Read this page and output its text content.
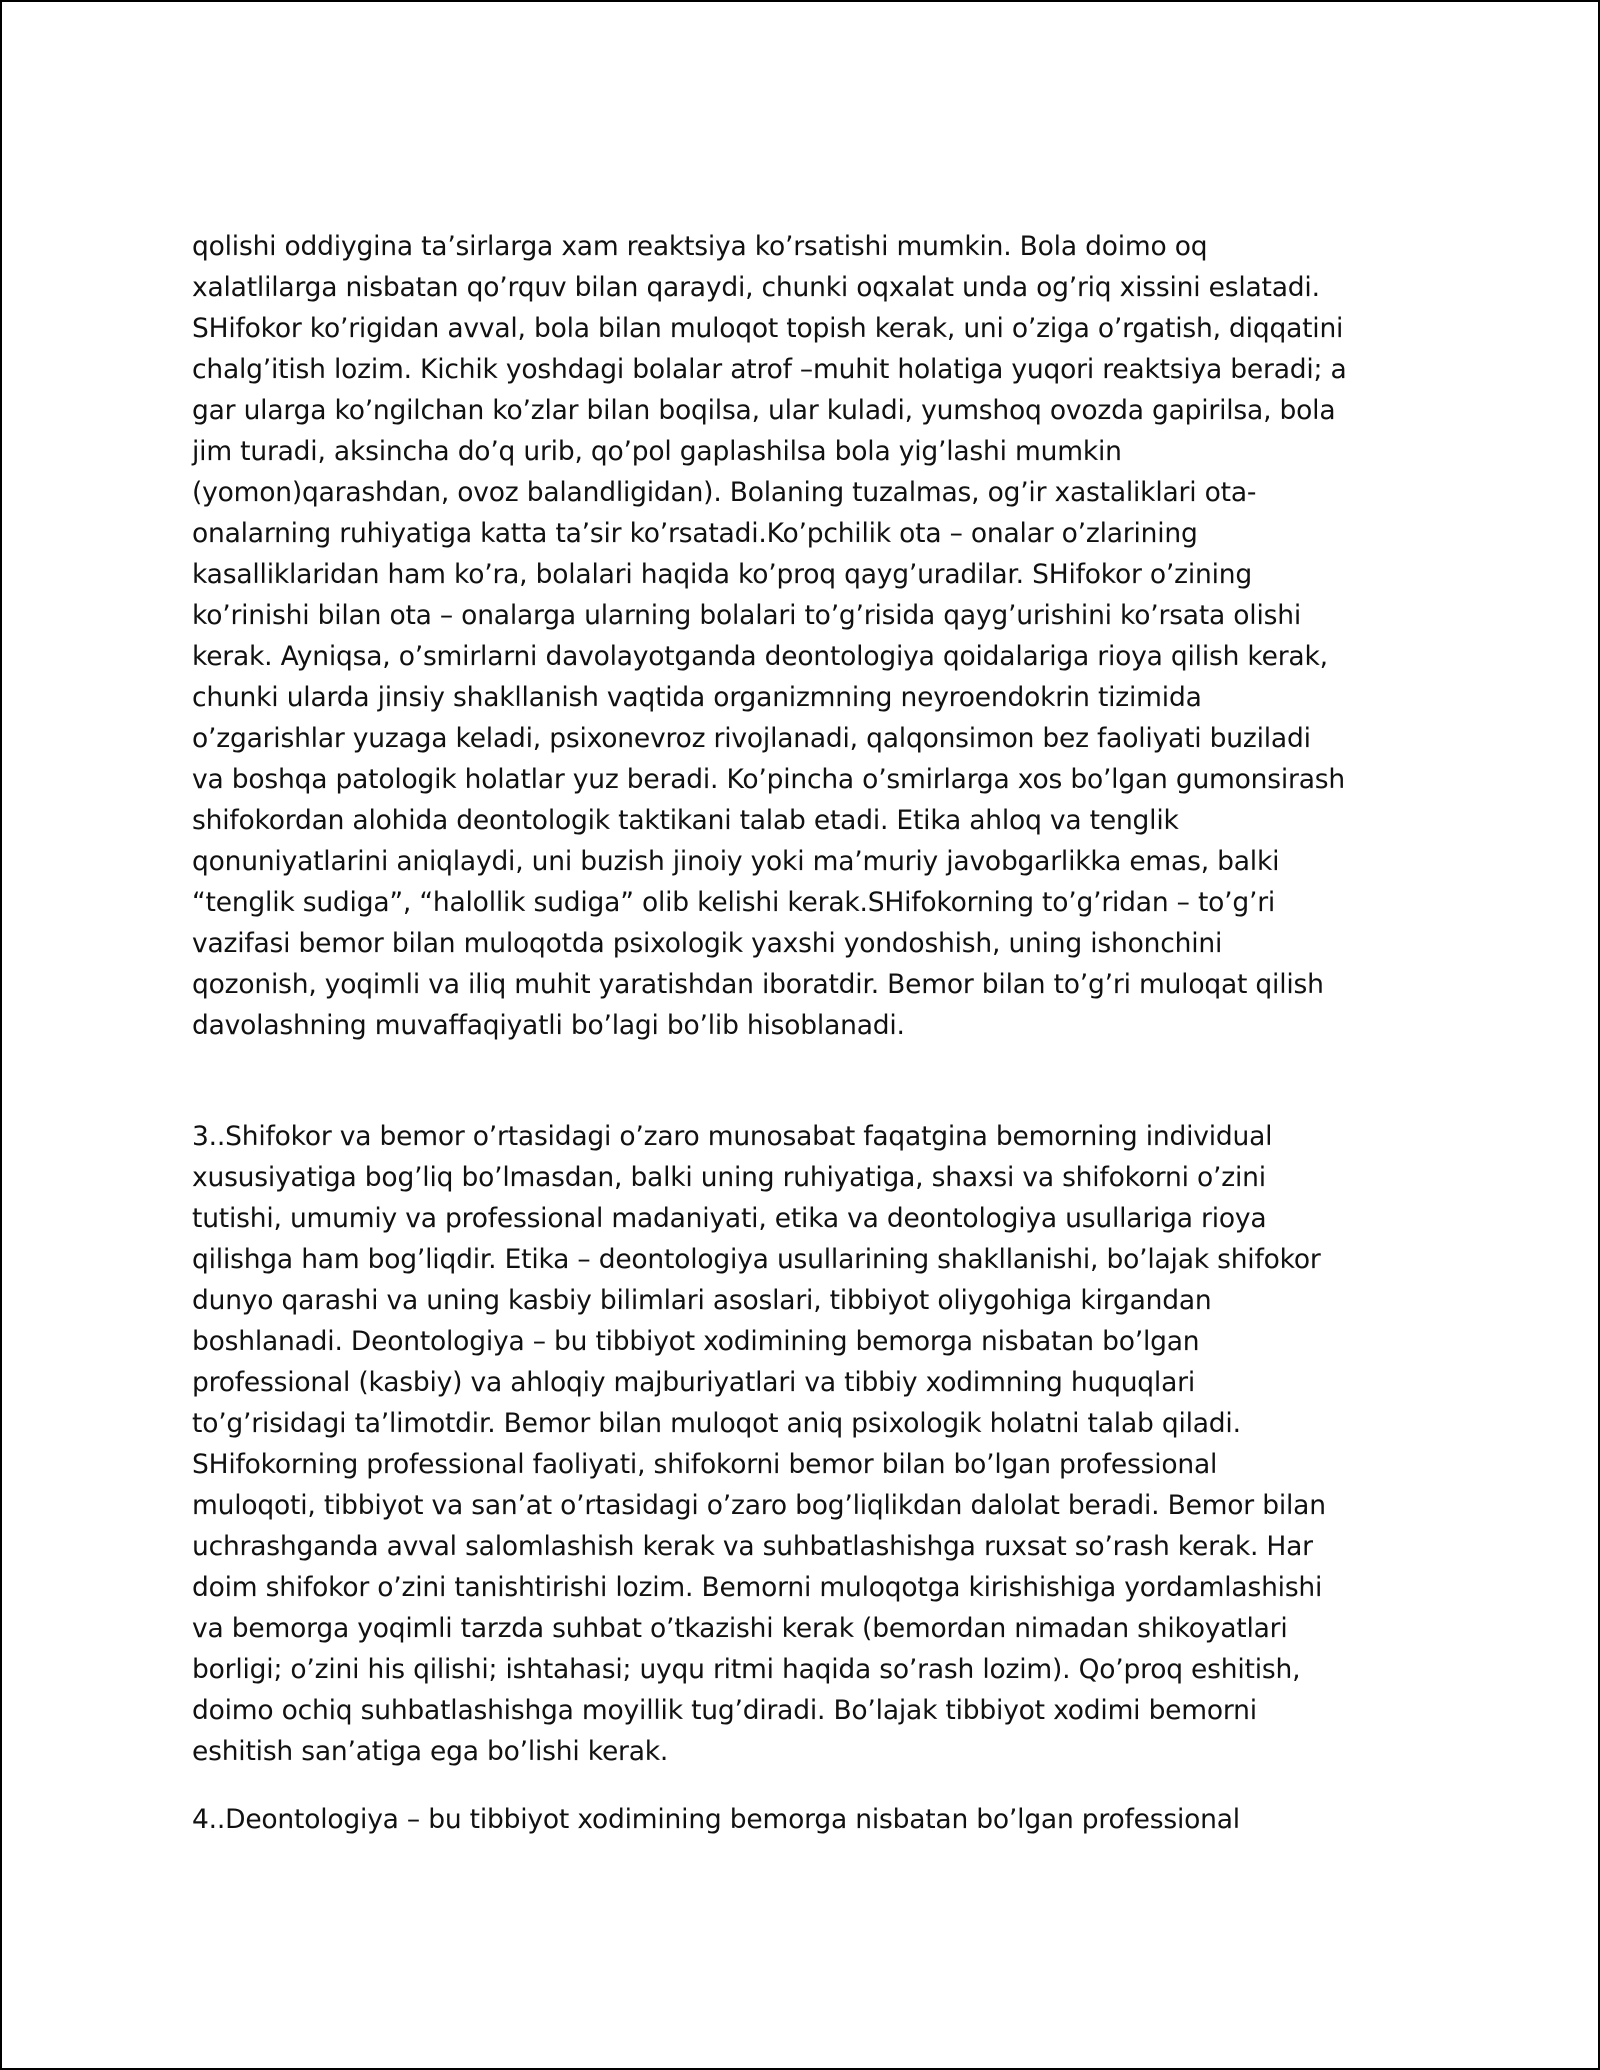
qolishi oddiygina ta’sirlarga xam reaktsiya ko’rsatishi mumkin. Bola doimo oq
xalatlilarga nisbatan qo’rquv bilan qaraydi, chunki oqxalat unda og’riq xissini eslatadi.
SHifokor ko’rigidan avval, bola bilan muloqot topish kerak, uni o’ziga o’rgatish, diqqatini
chalg’itish lozim. Kichik yoshdagi bolalar atrof –muhit holatiga yuqori reaktsiya beradi; a
gar ularga ko’ngilchan ko’zlar bilan boqilsa, ular kuladi, yumshoq ovozda gapirilsa, bola
jim turadi, aksincha do’q urib, qo’pol gaplashilsa bola yig’lashi mumkin
(yomon)qarashdan, ovoz balandligidan). Bolaning tuzalmas, og’ir xastaliklari ota-
onalarning ruhiyatiga katta ta’sir ko’rsatadi.Ko’pchilik ota – onalar o’zlarining
kasalliklaridan ham ko’ra, bolalari haqida ko’proq qayg’uradilar. SHifokor o’zining
ko’rinishi bilan ota – onalarga ularning bolalari to’g’risida qayg’urishini ko’rsata olishi
kerak. Ayniqsa, o’smirlarni davolayotganda deontologiya qoidalariga rioya qilish kerak,
chunki ularda jinsiy shakllanish vaqtida organizmning neyroendokrin tizimida
o’zgarishlar yuzaga keladi, psixonevroz rivojlanadi, qalqonsimon bez faoliyati buziladi
va boshqa patologik holatlar yuz beradi. Ko’pincha o’smirlarga xos bo’lgan gumonsirash
shifokordan alohida deontologik taktikani talab etadi. Etika ahloq va tenglik
qonuniyatlarini aniqlaydi, uni buzish jinoiy yoki ma’muriy javobgarlikka emas, balki
“tenglik sudiga”, “halollik sudiga” olib kelishi kerak.SHifokorning to’g’ridan – to’g’ri
vazifasi bemor bilan muloqotda psixologik yaxshi yondoshish, uning ishonchini
qozonish, yoqimli va iliq muhit yaratishdan iboratdir. Bemor bilan to’g’ri muloqat qilish
davolashning muvaffaqiyatli bo’lagi bo’lib hisoblanadi.
3..Shifokor va bemor o’rtasidagi o’zaro munosabat faqatgina bemorning individual
xususiyatiga bog’liq bo’lmasdan, balki uning ruhiyatiga, shaxsi va shifokorni o’zini
tutishi, umumiy va professional madaniyati, etika va deontologiya usullariga rioya
qilishga ham bog’liqdir. Etika – deontologiya usullarining shakllanishi, bo’lajak shifokor
dunyo qarashi va uning kasbiy bilimlari asoslari, tibbiyot oliygohiga kirgandan
boshlanadi. Deontologiya – bu tibbiyot xodimining bemorga nisbatan bo’lgan
professional (kasbiy) va ahloqiy majburiyatlari va tibbiy xodimning huquqlari
to’g’risidagi ta’limotdir. Bemor bilan muloqot aniq psixologik holatni talab qiladi.
SHifokorning professional faoliyati, shifokorni bemor bilan bo’lgan professional
muloqoti, tibbiyot va san’at o’rtasidagi o’zaro bog’liqlikdan dalolat beradi. Bemor bilan
uchrashganda avval salomlashish kerak va suhbatlashishga ruxsat so’rash kerak. Har
doim shifokor o’zini tanishtirishi lozim. Bemorni muloqotga kirishishiga yordamlashishi
va bemorga yoqimli tarzda suhbat o’tkazishi kerak (bemordan nimadan shikoyatlari
borligi; o’zini his qilishi; ishtahasi; uyqu ritmi haqida so’rash lozim). Qo’proq eshitish,
doimo ochiq suhbatlashishga moyillik tug’diradi. Bo’lajak tibbiyot xodimi bemorni
eshitish san’atiga ega bo’lishi kerak.
4..Deontologiya – bu tibbiyot xodimining bemorga nisbatan bo’lgan professional
